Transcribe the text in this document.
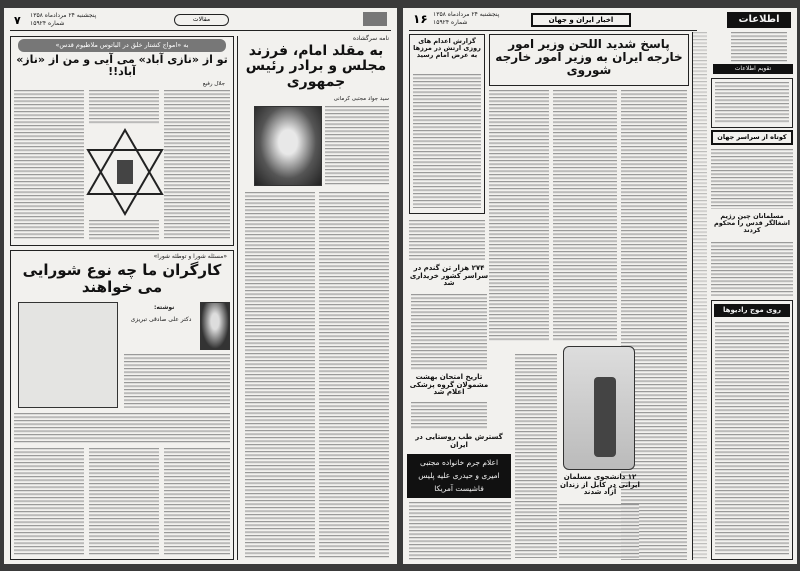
۷ پنجشنبه ۲۴ مردادماه ۱۳۵۸
شماره ۱۵۹۲۴
مقالات
نامه سرگشاده
به مقلد امام، فرزند مجلس و برادر رئیس جمهوری
سید جواد مجتبی کرمانی
به «امواج کشتار خلق در الباتوس ملاطیوم قدس»
تو از «نازی آباد» می آیی و من از «ناز» آباد!!
جلال رفیع
«مسئله شورا و توطئه شورا»
کارگران ما چه نوع شورایی می خواهند
نوشته:
دکتر علی صادقی تبریزی
۱۶ پنجشنبه ۲۴ مردادماه ۱۳۵۸
شماره ۱۵۹۲۴	اخبار ایران و جهان	اطلاعات
تقویم اطلاعات
کوتاه از سراسر جهان
مسلمانان چین رژیم اشغالگر قدس را محکوم کردند
روی موج رادیوها
پاسخ شدید اللحن وزیر امور خارجه ایران به وزیر امور خارجه شوروی
گزارش اعدام های روزی ارتش در مرزها به عرض امام رسید
۲۷۴ هزار تن گندم در سراسر کشور خریداری شد
تاریخ امتحان بهشت مشمولان گروه پزشکی اعلام شد
گسترش طب روستایی در ایران
اعلام جرم خانواده مجتبی امیری و حیدری علیه پلیس فاشیست آمریکا
۱۲ دانشجوی مسلمان ایرانی در کابل از زندان آزاد شدند
